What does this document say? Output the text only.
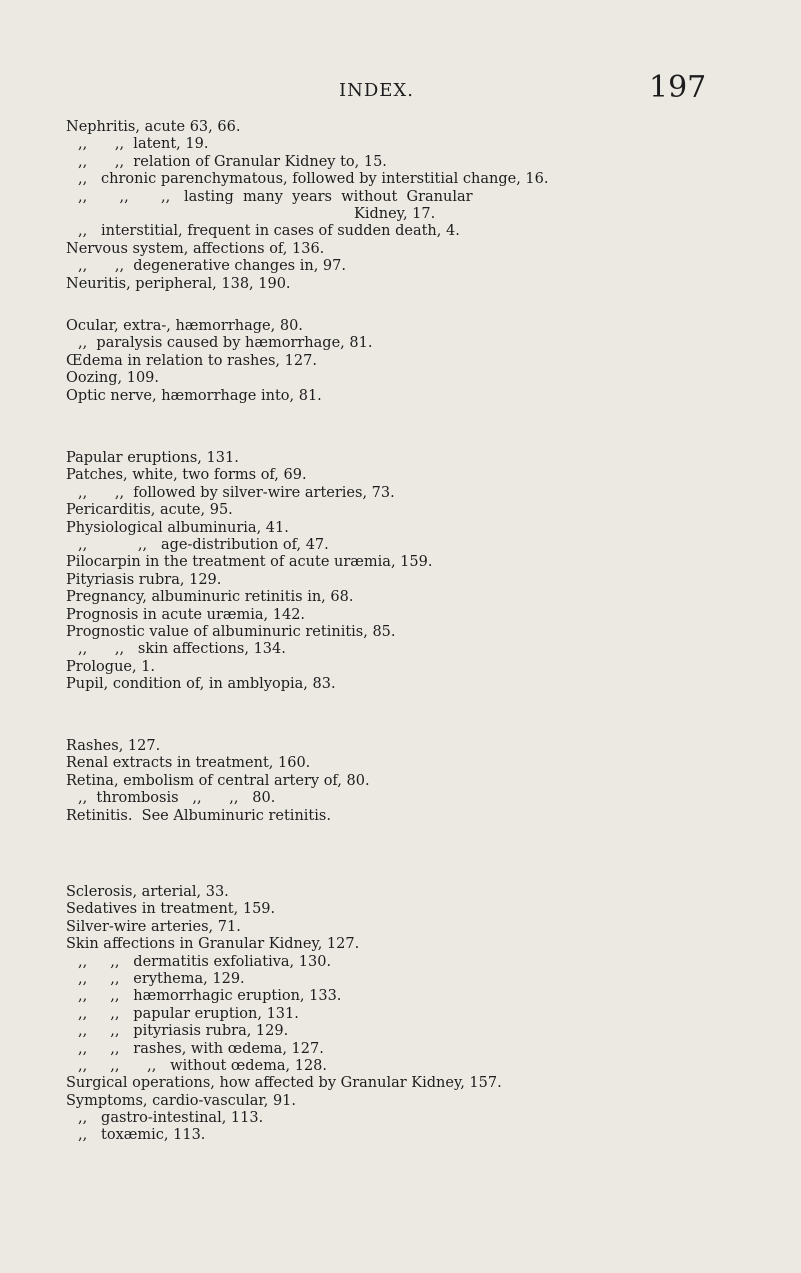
INDEX.	197
Nephritis, acute 63, 66.
,,      ,,  latent, 19.
,,      ,,  relation of Granular Kidney to, 15.
,,   chronic parenchymatous, followed by interstitial change, 16.
,,       ,,       ,,   lasting  many  years  without  Granular
Kidney, 17.
,,   interstitial, frequent in cases of sudden death, 4.
Nervous system, affections of, 136.
,,      ,,  degenerative changes in, 97.
Neuritis, peripheral, 138, 190.
Ocular, extra-, hæmorrhage, 80.
,,  paralysis caused by hæmorrhage, 81.
Œdema in relation to rashes, 127.
Oozing, 109.
Optic nerve, hæmorrhage into, 81.
Papular eruptions, 131.
Patches, white, two forms of, 69.
,,      ,,  followed by silver-wire arteries, 73.
Pericarditis, acute, 95.
Physiological albuminuria, 41.
,,           ,,   age-distribution of, 47.
Pilocarpin in the treatment of acute uræmia, 159.
Pityriasis rubra, 129.
Pregnancy, albuminuric retinitis in, 68.
Prognosis in acute uræmia, 142.
Prognostic value of albuminuric retinitis, 85.
,,      ,,   skin affections, 134.
Prologue, 1.
Pupil, condition of, in amblyopia, 83.
Rashes, 127.
Renal extracts in treatment, 160.
Retina, embolism of central artery of, 80.
,,  thrombosis   ,,      ,,   80.
Retinitis.  See Albuminuric retinitis.
Sclerosis, arterial, 33.
Sedatives in treatment, 159.
Silver-wire arteries, 71.
Skin affections in Granular Kidney, 127.
,,     ,,   dermatitis exfoliativa, 130.
,,     ,,   erythema, 129.
,,     ,,   hæmorrhagic eruption, 133.
,,     ,,   papular eruption, 131.
,,     ,,   pityriasis rubra, 129.
,,     ,,   rashes, with œdema, 127.
,,     ,,      ,,   without œdema, 128.
Surgical operations, how affected by Granular Kidney, 157.
Symptoms, cardio-vascular, 91.
,,   gastro-intestinal, 113.
,,   toxæmic, 113.
